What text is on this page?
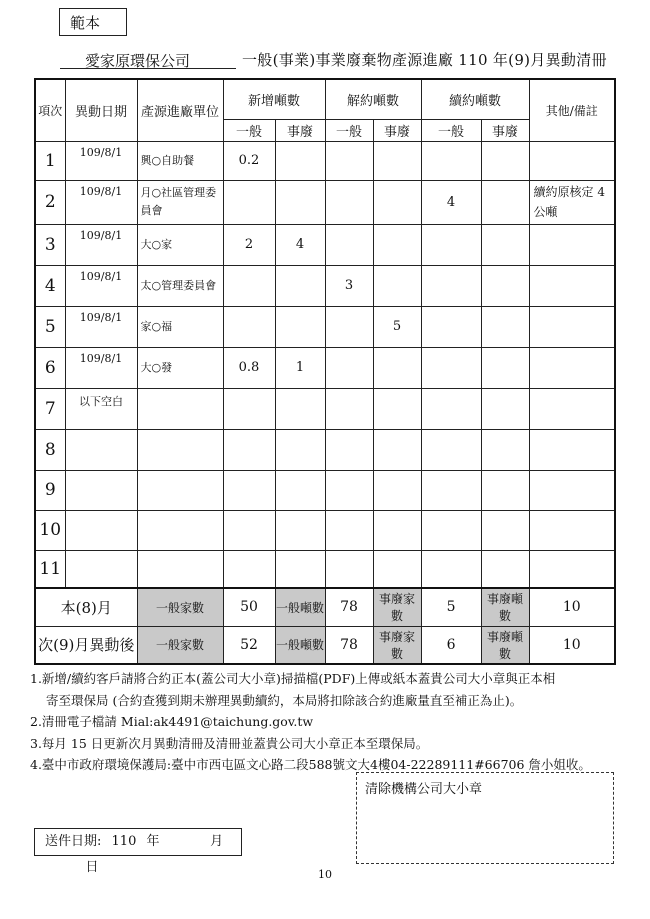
範本
愛家原環保公司	一般(事業)事業廢棄物產源進廠 110 年(9)月異動清冊
項次	異動日期	產源進廠單位	新增噸數		解約噸數		續約噸數		其他/備註
			一般	事廢	一般	事廢	一般	事廢	
1	109/8/1	興○自助餐	0.2						
2	109/8/1	月○社區管理委員會					4		續約原核定 4 公噸
3	109/8/1	大○家	2	4					
4	109/8/1	太○管理委員會			3				
5	109/8/1	家○福				5			
6	109/8/1	大○發	0.8	1					
7	以下空白								
8									
9									
10									
11									
本(8)月		一般家數	50	一般噸數	78	事廢家數	5	事廢噸數	10
次(9)月異動後		一般家數	52	一般噸數	78	事廢家數	6	事廢噸數	10
1.新增/續約客戶請將合約正本(蓋公司大小章)掃描檔(PDF)上傳或紙本蓋貴公司大小章與正本相
寄至環保局 (合約查獲到期未辦理異動續約，本局將扣除該合約進廠量直至補正為止)。
2.清冊電子檔請 Mial:ak4491@taichung.gov.tw
3.每月 15 日更新次月異動清冊及清冊並蓋貴公司大小章正本至環保局。
4.臺中市政府環境保護局:臺中市西屯區文心路二段588號文大4樓04-22289111#66706 詹小姐收。
清除機構公司大小章
送件日期: 110 年	月     日	10
